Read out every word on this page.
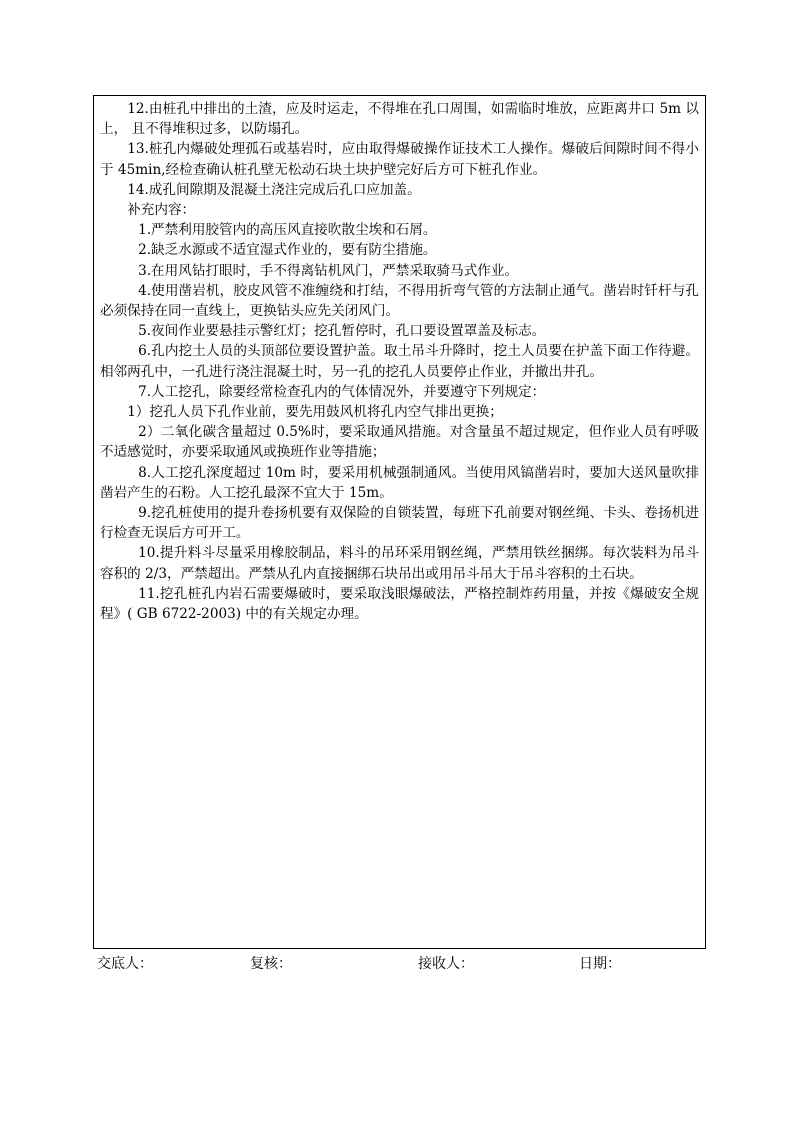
12.由桩孔中排出的土渣，应及时运走，不得堆在孔口周围，如需临时堆放，应距离井口 5m 以上， 且不得堆积过多，以防塌孔。

13.桩孔内爆破处理孤石或基岩时，应由取得爆破操作证技术工人操作。爆破后间隙时间不得小于 45min,经检查确认桩孔壁无松动石块土块护壁完好后方可下桩孔作业。

14.成孔间隙期及混凝土浇注完成后孔口应加盖。

补充内容：

1.严禁利用胶管内的高压风直接吹散尘埃和石屑。

2.缺乏水源或不适宜湿式作业的，要有防尘措施。

3.在用风钻打眼时，手不得离钻机风门，严禁采取骑马式作业。

4.使用凿岩机，胶皮风管不准缠绕和打结，不得用折弯气管的方法制止通气。凿岩时钎杆与孔必须保持在同一直线上，更换钻头应先关闭风门。

5.夜间作业要悬挂示警红灯；挖孔暂停时，孔口要设置罩盖及标志。

6.孔内挖土人员的头顶部位要设置护盖。取土吊斗升降时，挖土人员要在护盖下面工作待避。相邻两孔中，一孔进行浇注混凝土时，另一孔的挖孔人员要停止作业，并撤出井孔。

7.人工挖孔，除要经常检查孔内的气体情况外，并要遵守下列规定：

1）挖孔人员下孔作业前，要先用鼓风机将孔内空气排出更换；

2）二氧化碳含量超过 0.5%时，要采取通风措施。对含量虽不超过规定，但作业人员有呼吸不适感觉时，亦要采取通风或换班作业等措施；

8.人工挖孔深度超过 10m 时，要采用机械强制通风。当使用风镐凿岩时，要加大送风量吹排凿岩产生的石粉。人工挖孔最深不宜大于 15m。

9.挖孔桩使用的提升卷扬机要有双保险的自锁装置，每班下孔前要对钢丝绳、卡头、卷扬机进行检查无误后方可开工。

10.提升料斗尽量采用橡胶制品，料斗的吊环采用钢丝绳，严禁用铁丝捆绑。每次装料为吊斗容积的 2/3，严禁超出。严禁从孔内直接捆绑石块吊出或用吊斗吊大于吊斗容积的土石块。

11.挖孔桩孔内岩石需要爆破时，要采取浅眼爆破法，严格控制炸药用量，并按《爆破安全规程》( GB 6722-2003) 中的有关规定办理。

交底人：	复核：	接收人：	日期：
